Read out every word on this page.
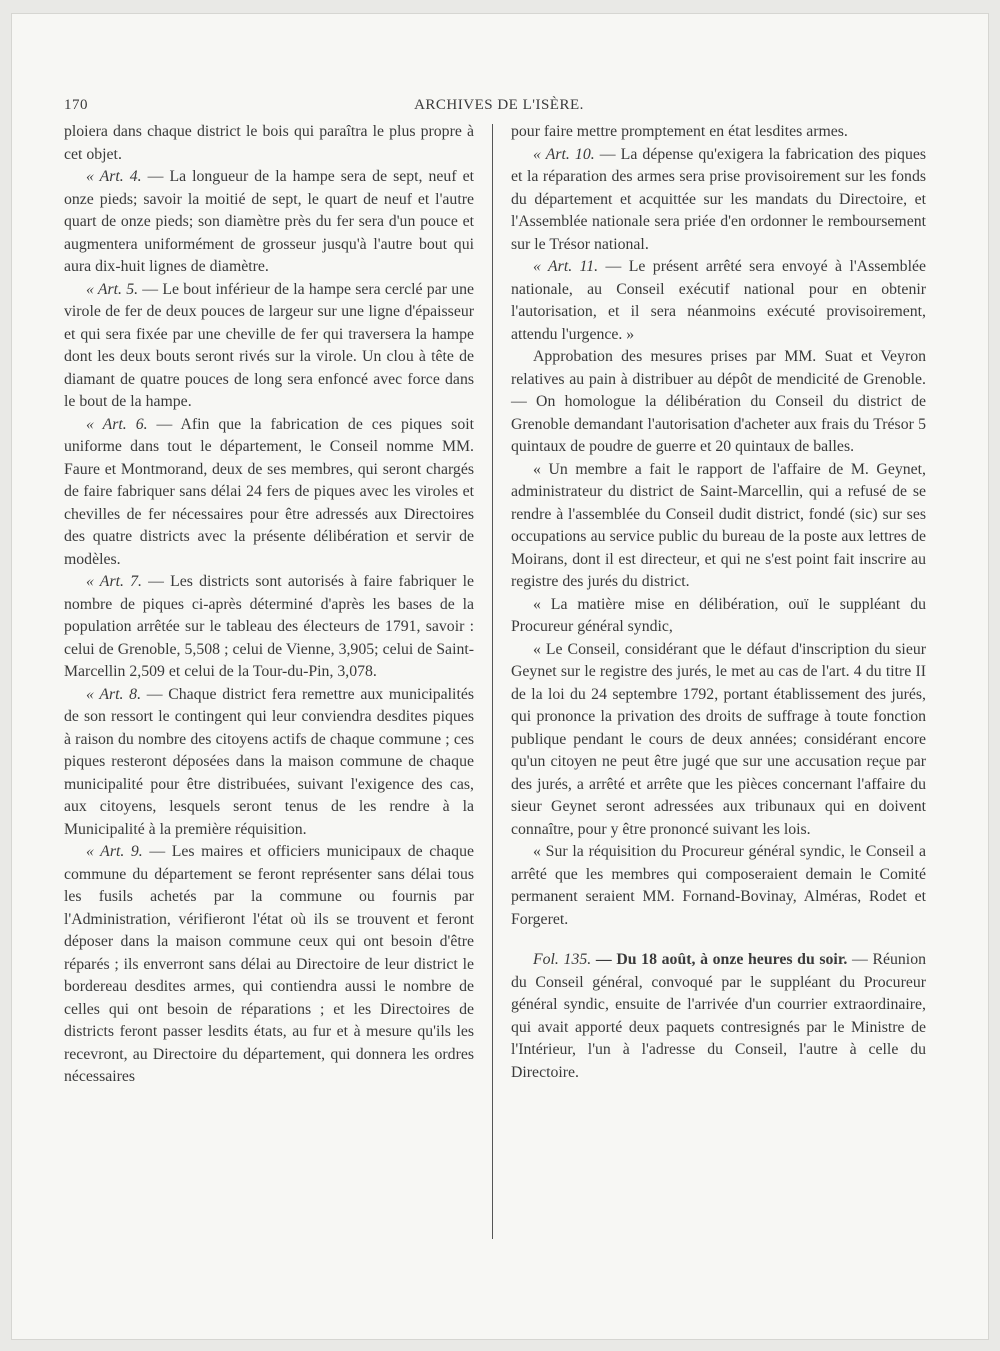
170	ARCHIVES DE L'ISÈRE.

ploiera dans chaque district le bois qui paraîtra le plus propre à cet objet.

« Art. 4. — La longueur de la hampe sera de sept, neuf et onze pieds; savoir la moitié de sept, le quart de neuf et l'autre quart de onze pieds; son diamètre près du fer sera d'un pouce et augmentera uniformément de grosseur jusqu'à l'autre bout qui aura dix-huit lignes de diamètre.

« Art. 5. — Le bout inférieur de la hampe sera cerclé par une virole de fer de deux pouces de largeur sur une ligne d'épaisseur et qui sera fixée par une cheville de fer qui traversera la hampe dont les deux bouts seront rivés sur la virole. Un clou à tête de diamant de quatre pouces de long sera enfoncé avec force dans le bout de la hampe.

« Art. 6. — Afin que la fabrication de ces piques soit uniforme dans tout le département, le Conseil nomme MM. Faure et Montmorand, deux de ses membres, qui seront chargés de faire fabriquer sans délai 24 fers de piques avec les viroles et chevilles de fer nécessaires pour être adressés aux Directoires des quatre districts avec la présente délibération et servir de modèles.

« Art. 7. — Les districts sont autorisés à faire fabriquer le nombre de piques ci-après déterminé d'après les bases de la population arrêtée sur le tableau des électeurs de 1791, savoir : celui de Grenoble, 5,508 ; celui de Vienne, 3,905; celui de Saint-Marcellin 2,509 et celui de la Tour-du-Pin, 3,078.

« Art. 8. — Chaque district fera remettre aux municipalités de son ressort le contingent qui leur conviendra desdites piques à raison du nombre des citoyens actifs de chaque commune ; ces piques resteront déposées dans la maison commune de chaque municipalité pour être distribuées, suivant l'exigence des cas, aux citoyens, lesquels seront tenus de les rendre à la Municipalité à la première réquisition.

« Art. 9. — Les maires et officiers municipaux de chaque commune du département se feront représenter sans délai tous les fusils achetés par la commune ou fournis par l'Administration, vérifieront l'état où ils se trouvent et feront déposer dans la maison commune ceux qui ont besoin d'être réparés ; ils enverront sans délai au Directoire de leur district le bordereau desdites armes, qui contiendra aussi le nombre de celles qui ont besoin de réparations ; et les Directoires de districts feront passer lesdits états, au fur et à mesure qu'ils les recevront, au Directoire du département, qui donnera les ordres nécessaires

pour faire mettre promptement en état lesdites armes.

« Art. 10. — La dépense qu'exigera la fabrication des piques et la réparation des armes sera prise provisoirement sur les fonds du département et acquittée sur les mandats du Directoire, et l'Assemblée nationale sera priée d'en ordonner le remboursement sur le Trésor national.

« Art. 11. — Le présent arrêté sera envoyé à l'Assemblée nationale, au Conseil exécutif national pour en obtenir l'autorisation, et il sera néanmoins exécuté provisoirement, attendu l'urgence. »

Approbation des mesures prises par MM. Suat et Veyron relatives au pain à distribuer au dépôt de mendicité de Grenoble. — On homologue la délibération du Conseil du district de Grenoble demandant l'autorisation d'acheter aux frais du Trésor 5 quintaux de poudre de guerre et 20 quintaux de balles.

« Un membre a fait le rapport de l'affaire de M. Geynet, administrateur du district de Saint-Marcellin, qui a refusé de se rendre à l'assemblée du Conseil dudit district, fondé (sic) sur ses occupations au service public du bureau de la poste aux lettres de Moirans, dont il est directeur, et qui ne s'est point fait inscrire au registre des jurés du district.

« La matière mise en délibération, ouï le suppléant du Procureur général syndic,

« Le Conseil, considérant que le défaut d'inscription du sieur Geynet sur le registre des jurés, le met au cas de l'art. 4 du titre II de la loi du 24 septembre 1792, portant établissement des jurés, qui prononce la privation des droits de suffrage à toute fonction publique pendant le cours de deux années; considérant encore qu'un citoyen ne peut être jugé que sur une accusation reçue par des jurés, a arrêté et arrête que les pièces concernant l'affaire du sieur Geynet seront adressées aux tribunaux qui en doivent connaître, pour y être prononcé suivant les lois.

« Sur la réquisition du Procureur général syndic, le Conseil a arrêté que les membres qui composeraient demain le Comité permanent seraient MM. Fornand-Bovinay, Alméras, Rodet et Forgeret.

Fol. 135. — Du 18 août, à onze heures du soir. — Réunion du Conseil général, convoqué par le suppléant du Procureur général syndic, ensuite de l'arrivée d'un courrier extraordinaire, qui avait apporté deux paquets contresignés par le Ministre de l'Intérieur, l'un à l'adresse du Conseil, l'autre à celle du Directoire.
